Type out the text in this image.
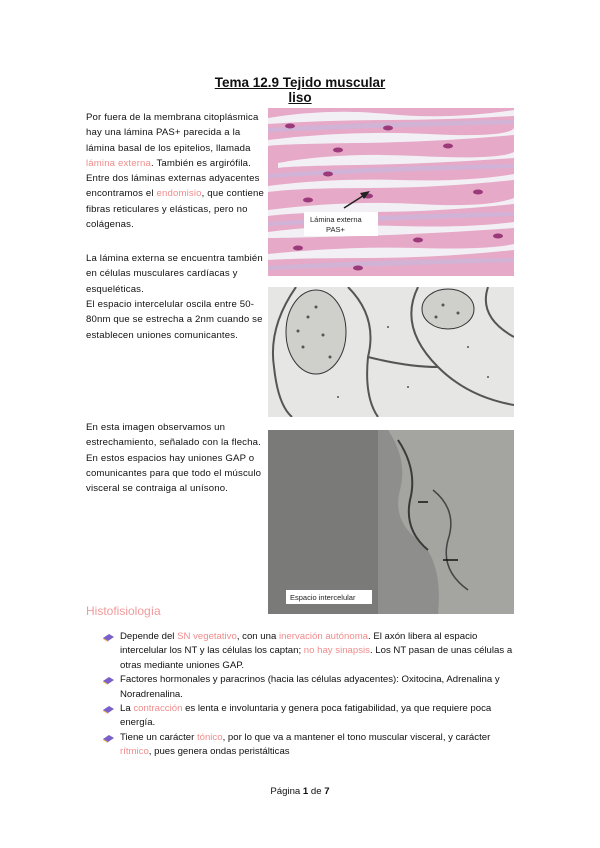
Tema 12.9 Tejido muscular
liso
Por fuera de la membrana citoplásmica hay una lámina PAS+ parecida a la lámina basal de los epitelios, llamada lámina externa. También es argirófila. Entre dos láminas externas adyacentes encontramos el endomisio, que contiene fibras reticulares y elásticas, pero no colágenas.
La lámina externa se encuentra también en células musculares cardíacas y esqueléticas.
El espacio intercelular oscila entre 50-80nm que se estrecha a 2nm cuando se establecen uniones comunicantes.
En esta imagen observamos un estrechamiento, señalado con la flecha. En estos espacios hay uniones GAP o comunicantes para que todo el músculo visceral se contraiga al unísono.
Lámina externa
PAS+
Espacio intercelular
Histofisiología
Depende del SN vegetativo, con una inervación autónoma. El axón libera al espacio intercelular los NT y las células los captan; no hay sinapsis. Los NT pasan de unas células a otras mediante uniones GAP.
Factores hormonales y paracrinos (hacia las células adyacentes): Oxitocina, Adrenalina y Noradrenalina.
La contracción es lenta e involuntaria y genera poca fatigabilidad, ya que requiere poca energía.
Tiene un carácter tónico, por lo que va a mantener el tono muscular visceral, y carácter rítmico, pues genera ondas peristálticas
Página 1 de 7
